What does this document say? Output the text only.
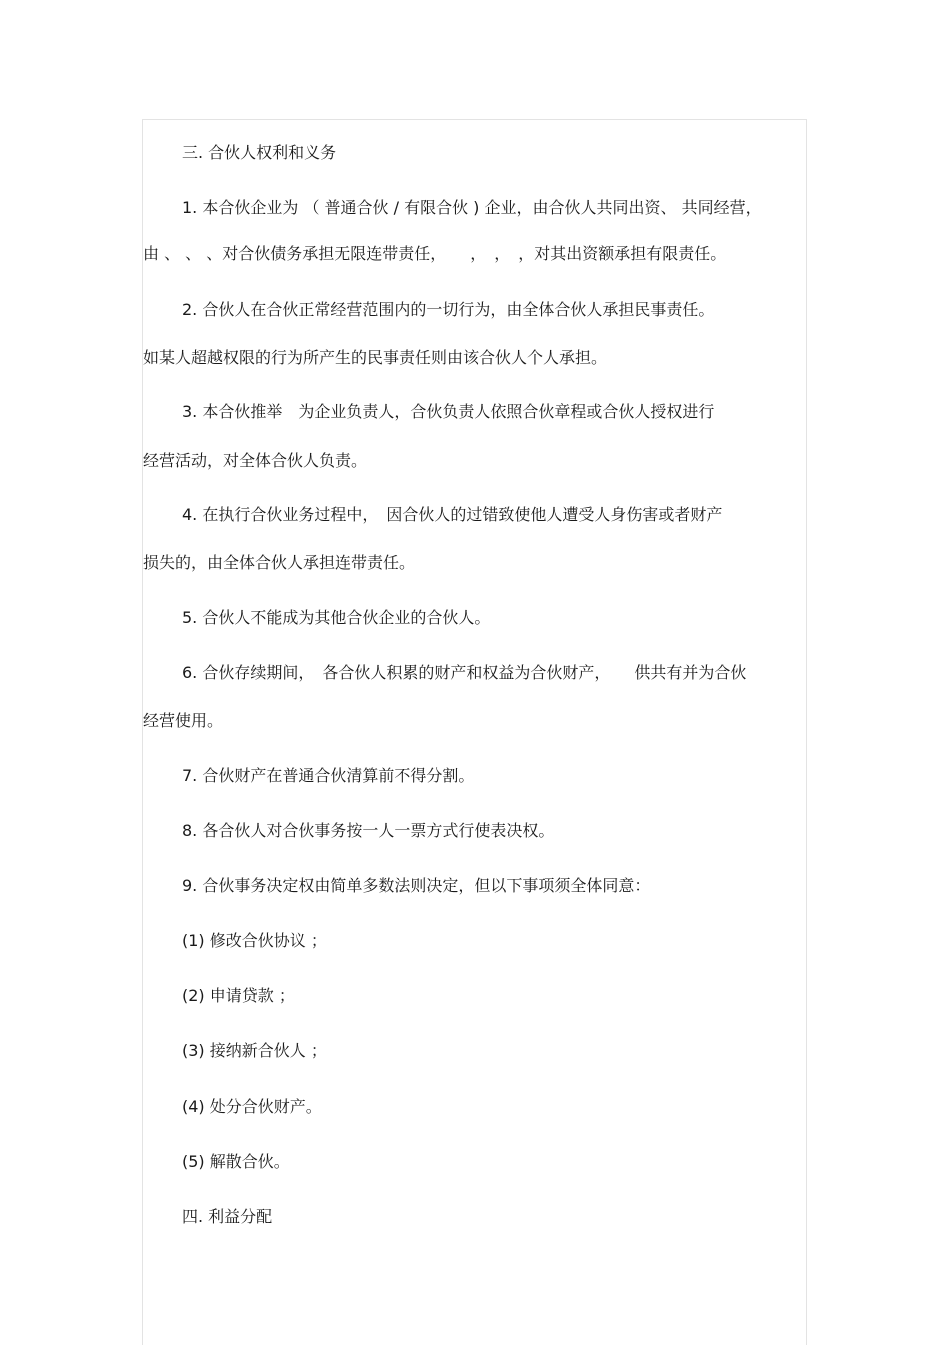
三. 合伙人权利和义务
1. 本合伙企业为 （ 普通合伙 / 有限合伙 ) 企业，由合伙人共同出资、 共同经营，
由 、 、 、对合伙债务承担无限连带责任，　　，　，　，对其出资额承担有限责任。
2. 合伙人在合伙正常经营范围内的一切行为，由全体合伙人承担民事责任。
如某人超越权限的行为所产生的民事责任则由该合伙人个人承担。
3. 本合伙推举　为企业负责人，合伙负责人依照合伙章程或合伙人授权进行
经营活动，对全体合伙人负责。
4. 在执行合伙业务过程中，　因合伙人的过错致使他人遭受人身伤害或者财产
损失的，由全体合伙人承担连带责任。
5. 合伙人不能成为其他合伙企业的合伙人。
6. 合伙存续期间，　各合伙人积累的财产和权益为合伙财产，　　供共有并为合伙
经营使用。
7. 合伙财产在普通合伙清算前不得分割。
8. 各合伙人对合伙事务按一人一票方式行使表决权。
9. 合伙事务决定权由简单多数法则决定，但以下事项须全体同意：
(1) 修改合伙协议 ；
(2) 申请贷款 ；
(3) 接纳新合伙人 ；
(4) 处分合伙财产。
(5) 解散合伙。
四. 利益分配
